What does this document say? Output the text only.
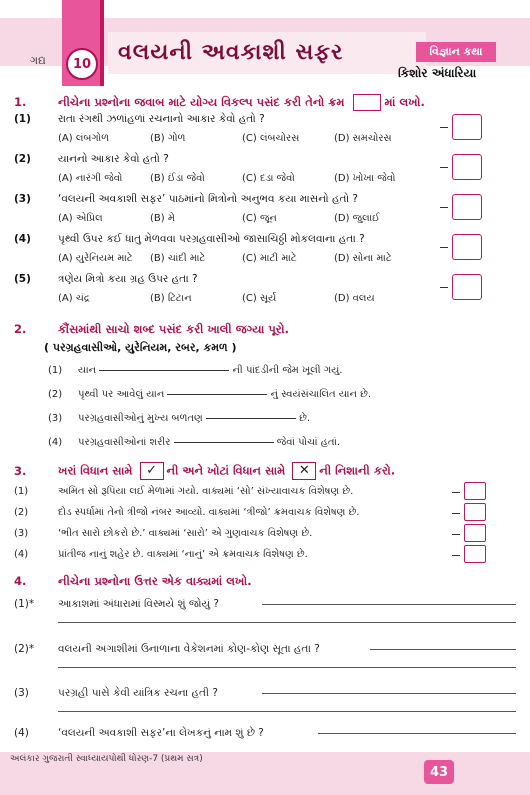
ગદ્ય	10	વલયની અવકાશી સફર	વિજ્ઞાન કથા
કિશોર અંધારિયા
1.	નીચેના પ્રશ્નોના જવાબ માટે યોગ્ય વિકલ્પ પસંદ કરી તેનો ક્રમ	માં લખો.
(1)	રાતા રંગથી ઝળાંહળાં રચનાનો આકાર કેવો હતો ?
(A) લંબગોળ	(B) ગોળ	(C) લંબચોરસ	(D) સમચોરસ
(2)	યાનનો આકાર કેવો હતો ?
(A) નારંગી જેવો	(B) ઈંડા જેવો	(C) દડા જેવો	(D) ખોખા જેવો
(3)	‘વલયની અવકાશી સફર’ પાઠમાંનો મિત્રોનો અનુભવ કયા માસનો હતો ?
(A) એપ્રિલ	(B) મે	(C) જૂન	(D) જુલાઈ
(4)	પૃથ્વી ઉપર કઈ ધાતુ મેળવવા પરગ્રહવાસીઓ જાસાચિઠ્ઠી મોકલવાના હતા ?
(A) યુરેનિયમ માટે (B) ચાંદી માટે	(C) માટી માટે	(D) સોના માટે
(5)	ત્રણેય મિત્રો કયા ગ્રહ ઉપર હતા ?
(A) ચંદ્ર	(B) ટિટાન	(C) સૂર્ય	(D) વલય
2.	કૌંસમાંથી સાચો શબ્દ પસંદ કરી ખાલી જગ્યા પૂરો.
( પરગ્રહવાસીઓ, યુરેનિયમ, રબર, કમળ )
(1) યાન	ની પાંદડીની જેમ ખૂલી ગયું.
(2) પૃથ્વી પર આવેલું યાન	નું સ્વયંસંચાલિત યાન છે.
(3) પરગ્રહવાસીઓનું મુખ્ય બળતણ	છે.
(4) પરગ્રહવાસીઓનાં શરીર	જેવાં પોચાં હતાં.
3.	ખરાં વિધાન સામે ✓ ની અને ખોટાં વિધાન સામે ✕ ની નિશાની કરો.
(1)	અમિત સો રૂપિયા લઈ મેળામાં ગયો. વાક્યમાં ‘સો’ સંખ્યાવાચક વિશેષણ છે.
(2)	દોડ સ્પર્ધામાં તેનો ત્રીજો નંબર આવ્યો. વાક્યમાં ‘ત્રીજો’ ક્રમવાચક વિશેષણ છે.
(3)	‘ભીત સારો છોકરો છે.’ વાક્યમાં ‘સારો’ એ ગુણવાચક વિશેષણ છે.
(4)	પ્રાંતીજ નાનું શહેર છે. વાક્યમાં ‘નાનું’ એ ક્રમવાચક વિશેષણ છે.
4.	નીચેના પ્રશ્નોના ઉત્તર એક વાક્યમાં લખો.
(1)* આકાશમાં અંધારામાં વિસ્મયે શું જોયું ?
(2)* વલયની અગાશીમાં ઉનાળાના વેકેશનમાં કોણ-કોણ સૂતા હતા ?
(3)	પરગ્રહી પાસે કેવી યાંત્રિક રચના હતી ?
(4)	‘વલયની અવકાશી સફર’ના લેખકનું નામ શું છે ?
અલંકાર ગુજરાતી સ્વાધ્યાયપોથી ધોરણ-7 (પ્રથમ સત્ર)
43
